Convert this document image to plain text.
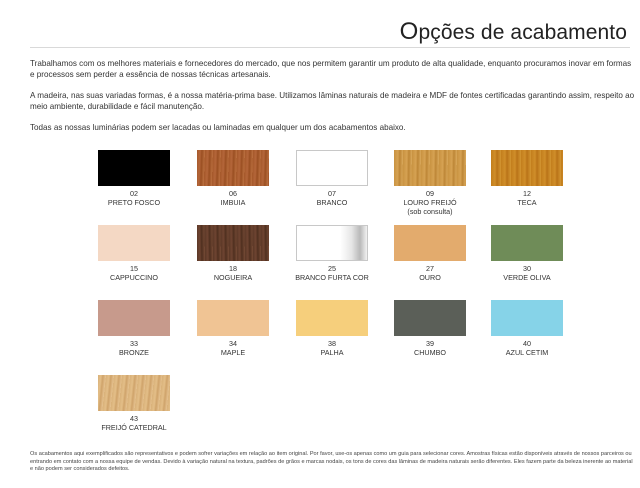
Opções de acabamento

Trabalhamos com os melhores materiais e fornecedores do mercado, que nos permitem garantir um produto de alta qualidade, enquanto procuramos inovar em formas e processos sem perder a essência de nossas técnicas artesanais.

A madeira, nas suas variadas formas, é a nossa matéria-prima base. Utilizamos lâminas naturais de madeira e MDF de fontes certificadas garantindo assim, respeito ao meio ambiente, durabilidade e fácil manutenção.

Todas as nossas luminárias podem ser lacadas ou laminadas em qualquer um dos acabamentos abaixo.

02
PRETO FOSCO
06
IMBUIA
07
BRANCO
09
LOURO FREIJÓ
(sob consulta)
12
TECA
15
CAPPUCCINO
18
NOGUEIRA
25
BRANCO FURTA COR
27
OURO
30
VERDE OLIVA
33
BRONZE
34
MAPLE
38
PALHA
39
CHUMBO
40
AZUL CETIM
43
FREIJÓ CATEDRAL
Os acabamentos aqui exemplificados são representativos e podem sofrer variações em relação ao item original. Por favor, use-os apenas como um guia para selecionar cores. Amostras físicas estão disponíveis através de nossos parceiros ou entrando em contato com a nossa equipe de vendas. Devido à variação natural na textura, padrões de grãos e marcas nodais, os tons de cores das lâminas de madeira naturais serão diferentes. Eles fazem parte da beleza inerente ao material e não podem ser considerados defeitos.
